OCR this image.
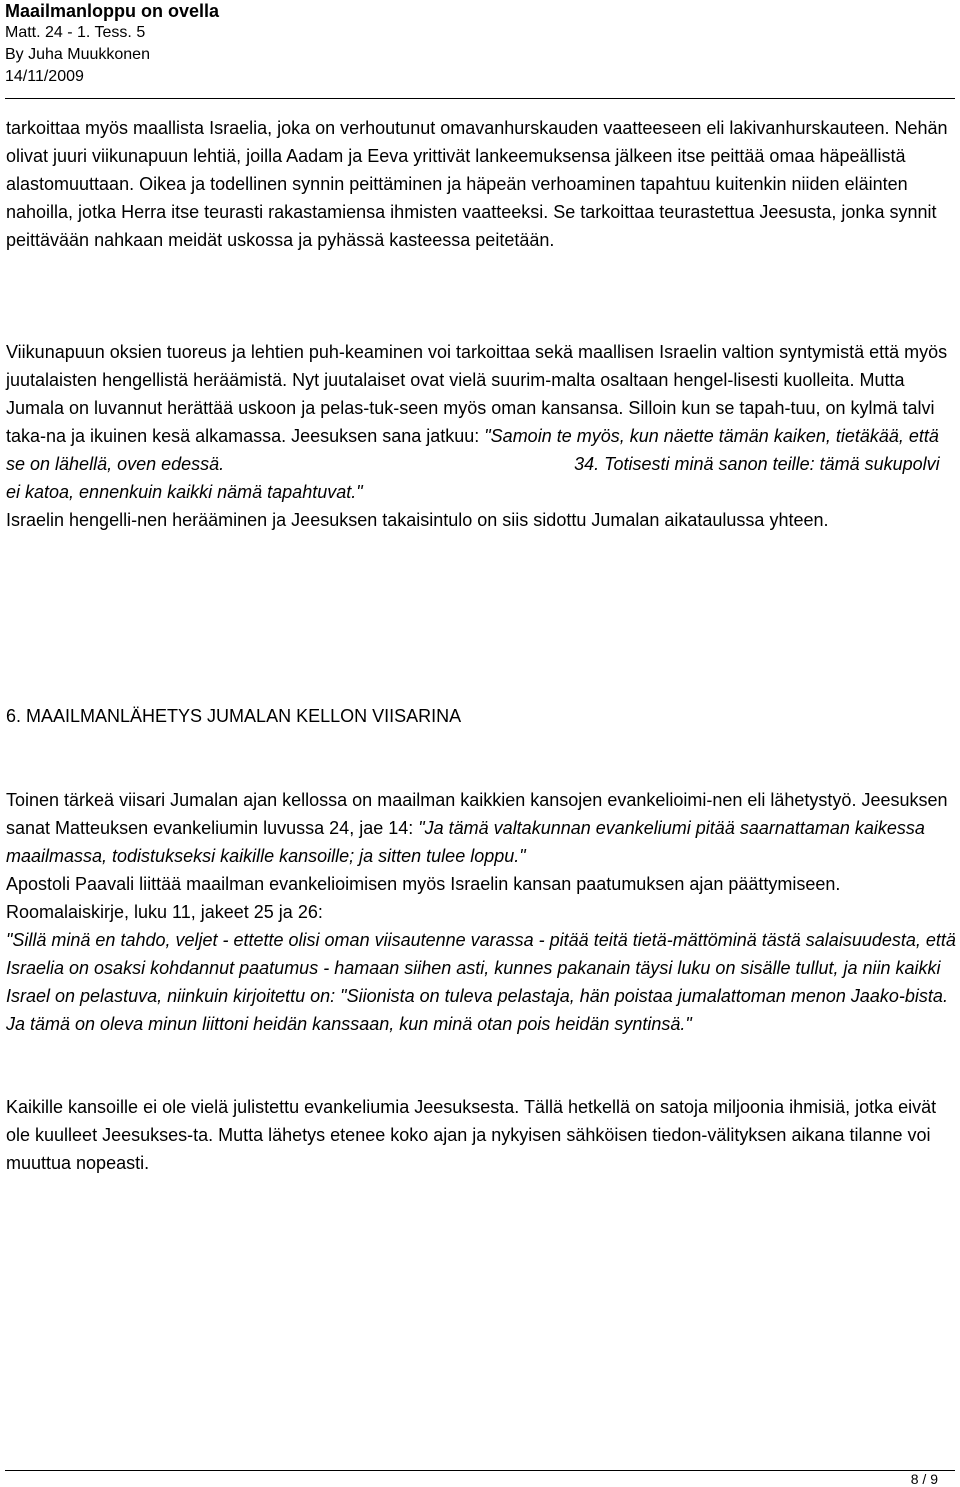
Maailmanloppu on ovella
Matt. 24 - 1. Tess. 5
By Juha Muukkonen
14/11/2009

tarkoittaa myös maallista Israelia, joka on verhoutunut omavanhurskauden vaatteeseen eli lakivanhurskauteen. Nehän olivat juuri viikunapuun lehtiä, joilla Aadam ja Eeva yrittivät lankeemuksensa jälkeen itse peittää omaa häpeällistä alastomuuttaan. Oikea ja todellinen synnin peittäminen ja häpeän verhoaminen tapahtuu kuitenkin niiden eläinten nahoilla, jotka Herra itse teurasti rakastamiensa ihmisten vaatteeksi. Se tarkoittaa teurastettua Jeesusta, jonka synnit peittävään nahkaan meidät uskossa ja pyhässä kasteessa peitetään.

Viikunapuun oksien tuoreus ja lehtien puh-keaminen voi tarkoittaa sekä maallisen Israelin valtion syntymistä että myös juutalaisten hengellistä heräämistä. Nyt juutalaiset ovat vielä suurim-malta osaltaan hengel-lisesti kuolleita. Mutta Jumala on luvannut herättää uskoon ja pelas-tuk-seen myös oman kansansa. Silloin kun se tapah-tuu, on kylmä talvi taka-na ja ikuinen kesä alkamassa. Jeesuksen sana jatkuu: "Samoin te myös, kun näette tämän kaiken, tietäkää, että se on lähellä, oven edessä.	34. Totisesti minä sanon teille: tämä sukupolvi ei katoa, ennenkuin kaikki nämä tapahtuvat."

Israelin hengelli-nen herääminen ja Jeesuksen takaisintulo on siis sidottu Jumalan aikataulussa yhteen.

6. MAAILMANLÄHETYS JUMALAN KELLON VIISARINA

Toinen tärkeä viisari Jumalan ajan kellossa on maailman kaikkien kansojen evankelioimi-nen eli lähetystyö. Jeesuksen sanat Matteuksen evankeliumin luvussa 24, jae 14: "Ja tämä valtakunnan evankeliumi pitää saarnattaman kaikessa maailmassa, todistukseksi kaikille kansoille; ja sitten tulee loppu."

Apostoli Paavali liittää maailman evankelioimisen myös Israelin kansan paatumuksen ajan päättymiseen. Roomalaiskirje, luku 11, jakeet 25 ja 26:

"Sillä minä en tahdo, veljet - ettette olisi oman viisautenne varassa - pitää teitä tietä-mättöminä tästä salaisuudesta, että Israelia on osaksi kohdannut paatumus - hamaan siihen asti, kunnes pakanain täysi luku on sisälle tullut, ja niin kaikki Israel on pelastuva, niinkuin kirjoitettu on: "Siionista on tuleva pelastaja, hän poistaa jumalattoman menon Jaako-bista. Ja tämä on oleva minun liittoni heidän kanssaan, kun minä otan pois heidän syntinsä."

Kaikille kansoille ei ole vielä julistettu evankeliumia Jeesuksesta. Tällä hetkellä on satoja miljoonia ihmisiä, jotka eivät ole kuulleet Jeesukses-ta. Mutta lähetys etenee koko ajan ja nykyisen sähköisen tiedon-välityksen aikana tilanne voi muuttua nopeasti.

8 / 9
